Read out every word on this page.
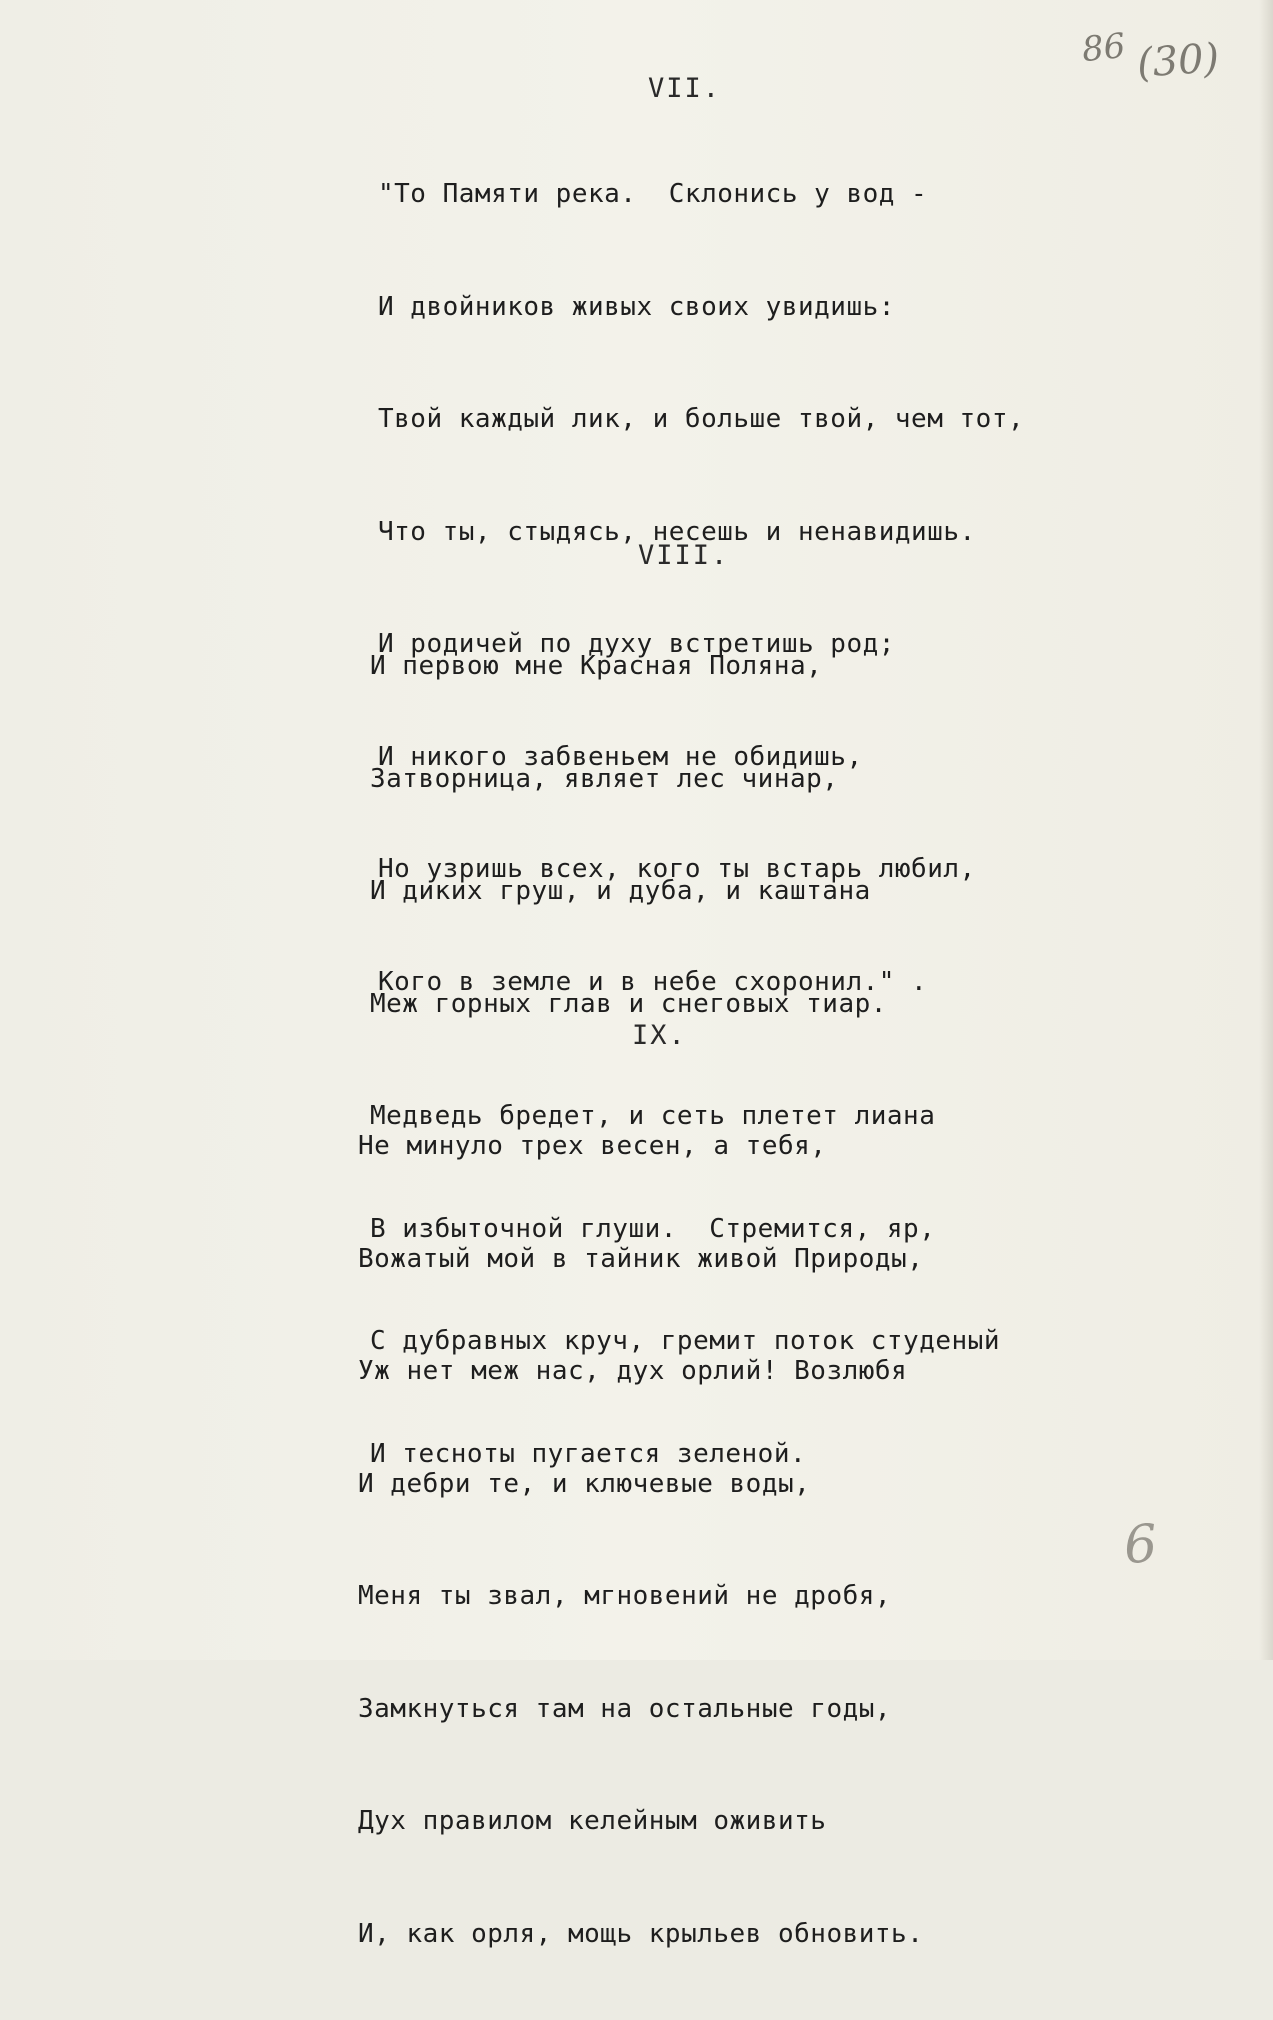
86 (30)
VII.

"То Памяти река.  Склонись у вод -

И двойников живых своих увидишь:

Твой каждый лик, и больше твой, чем тот,

Что ты, стыдясь, несешь и ненавидишь.

И родичей по духу встретишь род;

И никого забвеньем не обидишь,

Но узришь всех, кого ты встарь любил,

Кого в земле и в небе схоронил." .

VIII.

И первою мне Красная Поляна,

Затворница, являет лес чинар,

И диких груш, и дуба, и каштана

Меж горных глав и снеговых тиар.

Медведь бредет, и сеть плетет лиана

В избыточной глуши.  Стремится, яр,

С дубравных круч, гремит поток студеный

И тесноты пугается зеленой.

IX.

Не минуло трех весен, а тебя,

Вожатый мой в тайник живой Природы,

Уж нет меж нас, дух орлий! Возлюбя

И дебри те, и ключевые воды,

Меня ты звал, мгновений не дробя,

Замкнуться там на остальные годы,

Дух правилом келейным оживить

И, как орля, мощь крыльев обновить.

6
